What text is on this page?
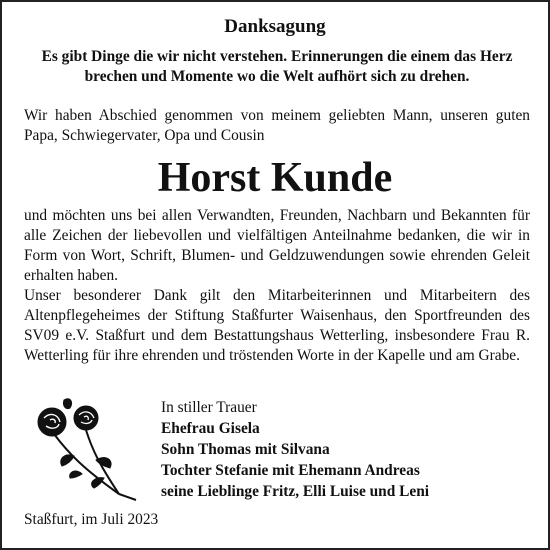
Danksagung
Es gibt Dinge die wir nicht verstehen. Erinnerungen die einem das Herz brechen und Momente wo die Welt aufhört sich zu drehen.
Wir haben Abschied genommen von meinem geliebten Mann, unseren guten Papa, Schwiegervater, Opa und Cousin
Horst Kunde
und möchten uns bei allen Verwandten, Freunden, Nachbarn und Bekannten für alle Zeichen der liebevollen und vielfältigen Anteilnahme bedanken, die wir in Form von Wort, Schrift, Blumen- und Geldzuwendungen sowie ehrenden Geleit erhalten haben.
Unser besonderer Dank gilt den Mitarbeiterinnen und Mitarbeitern des Altenpflegeheimes der Stiftung Staßfurter Waisenhaus, den Sportfreunden des SV09 e.V. Staßfurt und dem Bestattungshaus Wetterling, insbesondere Frau R. Wetterling für ihre ehrenden und tröstenden Worte in der Kapelle und am Grabe.
In stiller Trauer
Ehefrau Gisela
Sohn Thomas mit Silvana
Tochter Stefanie mit Ehemann Andreas
seine Lieblinge Fritz, Elli Luise und Leni
Staßfurt, im Juli 2023
